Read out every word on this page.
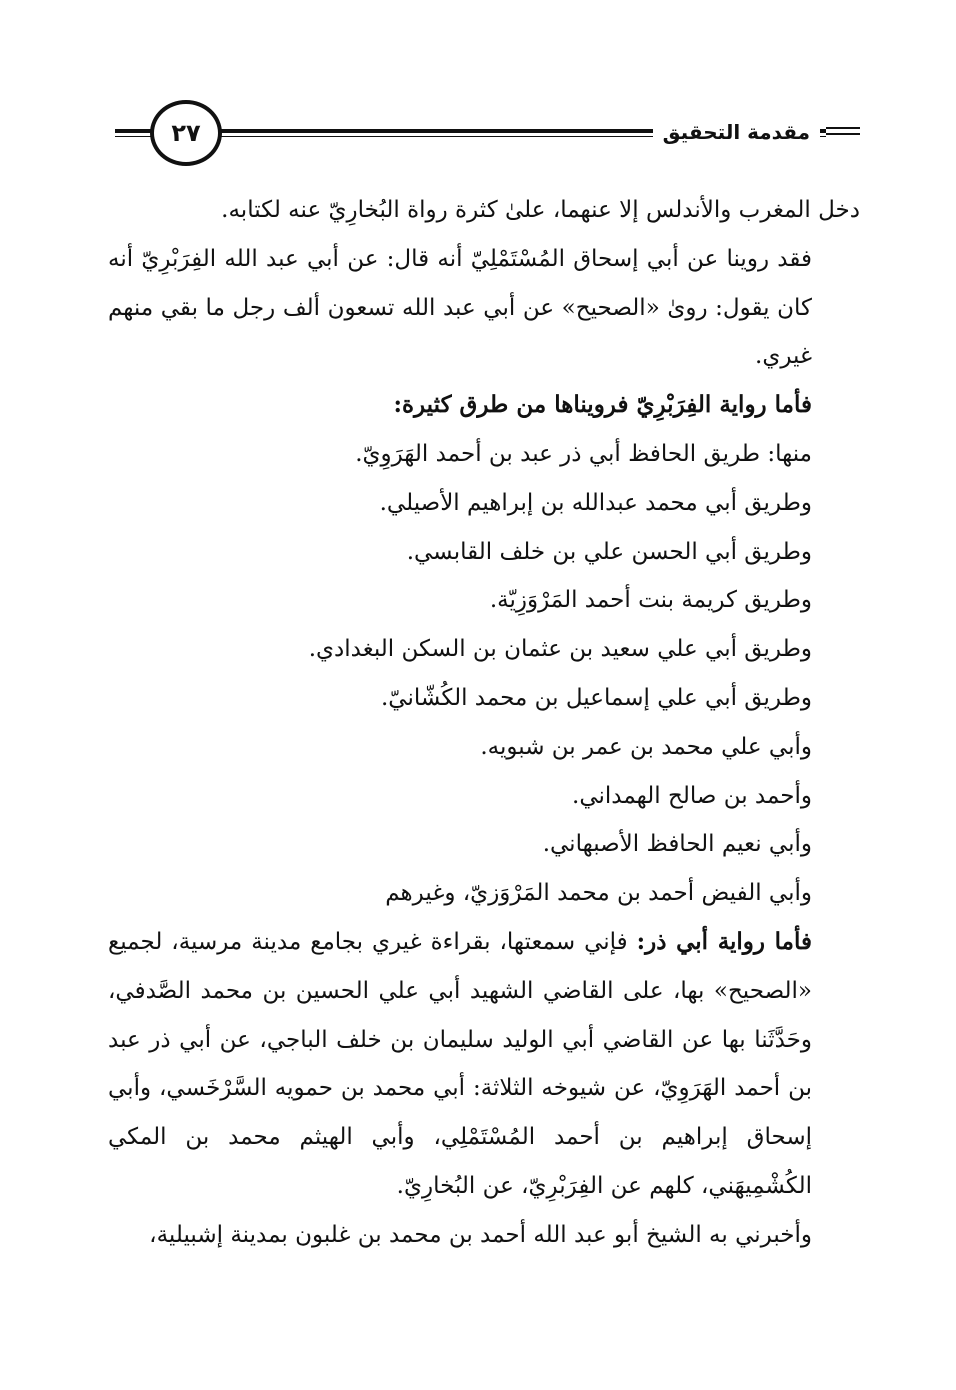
مقدمة التحقيق
٢٧

دخل المغرب والأندلس إلا عنهما، علىٰ كثرة رواة البُخارِيّ عنه لكتابه.

فقد روينا عن أبي إسحاق المُسْتَمْلِيّ أنه قال: عن أبي عبد الله الفِرَبْرِيّ أنه كان يقول: روىٰ «الصحيح» عن أبي عبد الله تسعون ألف رجل ما بقي منهم غيري.

فأما رواية الفِرَبْرِيّ فرويناها من طرق كثيرة:

منها: طريق الحافظ أبي ذر عبد بن أحمد الهَرَوِيّ.

وطريق أبي محمد عبدالله بن إبراهيم الأصيلي.

وطريق أبي الحسن علي بن خلف القابسي.

وطريق كريمة بنت أحمد المَرْوَزِيّة.

وطريق أبي علي سعيد بن عثمان بن السكن البغدادي.

وطريق أبي علي إسماعيل بن محمد الكُشّانيّ.

وأبي علي محمد بن عمر بن شبويه.

وأحمد بن صالح الهمداني.

وأبي نعيم الحافظ الأصبهاني.

وأبي الفيض أحمد بن محمد المَرْوَزيّ، وغيرهم

فأما رواية أبي ذر: فإني سمعتها، بقراءة غيري بجامع مدينة مرسية، لجميع «الصحيح» بها، على القاضي الشهيد أبي علي الحسين بن محمد الصَّدفي، وحَدَّثَنا بها عن القاضي أبي الوليد سليمان بن خلف الباجي، عن أبي ذر عبد بن أحمد الهَرَوِيّ، عن شيوخه الثلاثة: أبي محمد بن حمويه السَّرْخَسي، وأبي إسحاق إبراهيم بن أحمد المُسْتَمْلِي، وأبي الهيثم محمد بن المكي الكُشْمِيهَني، كلهم عن الفِرَبْرِيّ، عن البُخارِيّ.

وأخبرني به الشيخ أبو عبد الله أحمد بن محمد بن غلبون بمدينة إشبيلية،
